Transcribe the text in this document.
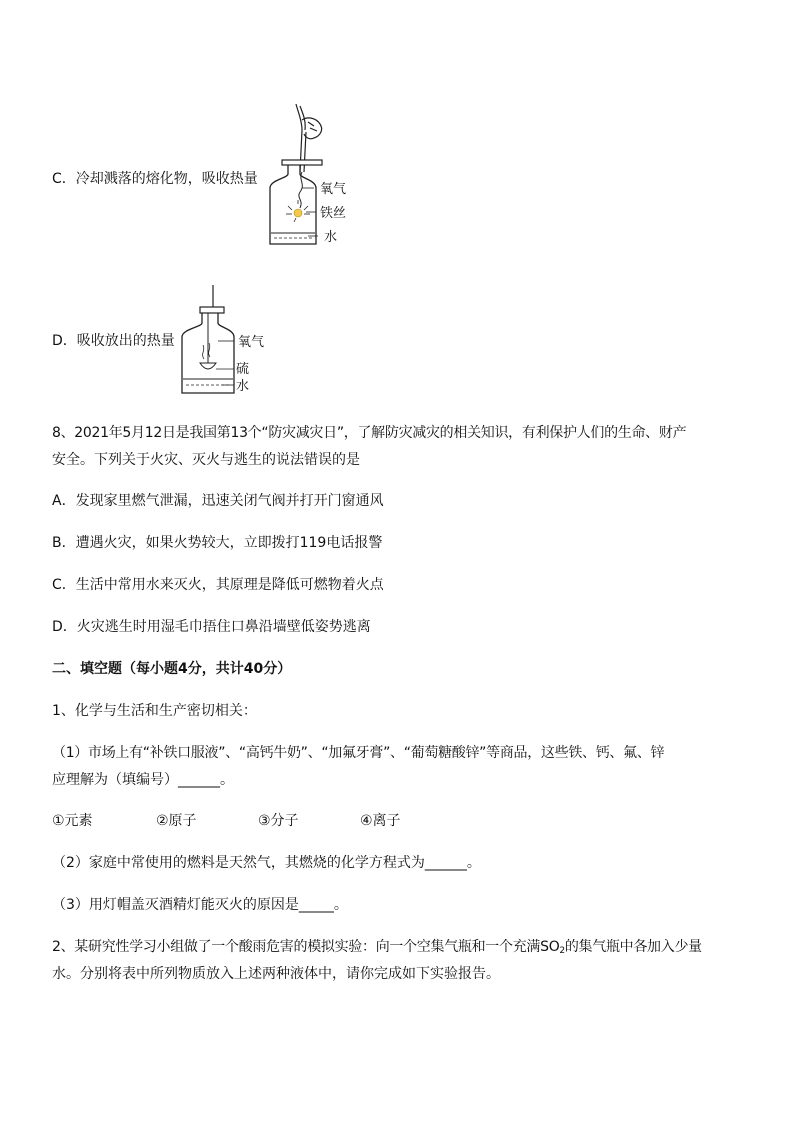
C．冷却溅落的熔化物，吸收热量
氧气
铁丝
水
D．吸收放出的热量	氧气
硫
水
8、2021年5月12日是我国第13个“防灾减灾日”，了解防灾减灾的相关知识，有利保护人们的生命、财产
安全。下列关于火灾、灭火与逃生的说法错误的是
A．发现家里燃气泄漏，迅速关闭气阀并打开门窗通风
B．遭遇火灾，如果火势较大，立即拨打119电话报警
C．生活中常用水来灭火，其原理是降低可燃物着火点
D．火灾逃生时用湿毛巾捂住口鼻沿墙壁低姿势逃离
二、填空题（每小题4分，共计40分）
1、化学与生活和生产密切相关：
（1）市场上有“补铁口服液”、“高钙牛奶”、“加氟牙膏”、“葡萄糖酸锌”等商品，这些铁、钙、氟、锌
应理解为（填编号）______。
①元素	②原子	③分子	④离子
（2）家庭中常使用的燃料是天然气，其燃烧的化学方程式为______。
（3）用灯帽盖灭酒精灯能灭火的原因是_____。
2、某研究性学习小组做了一个酸雨危害的模拟实验：向一个空集气瓶和一个充满$SO_2$的集气瓶中各加入少量
水。分别将表中所列物质放入上述两种液体中，请你完成如下实验报告。
